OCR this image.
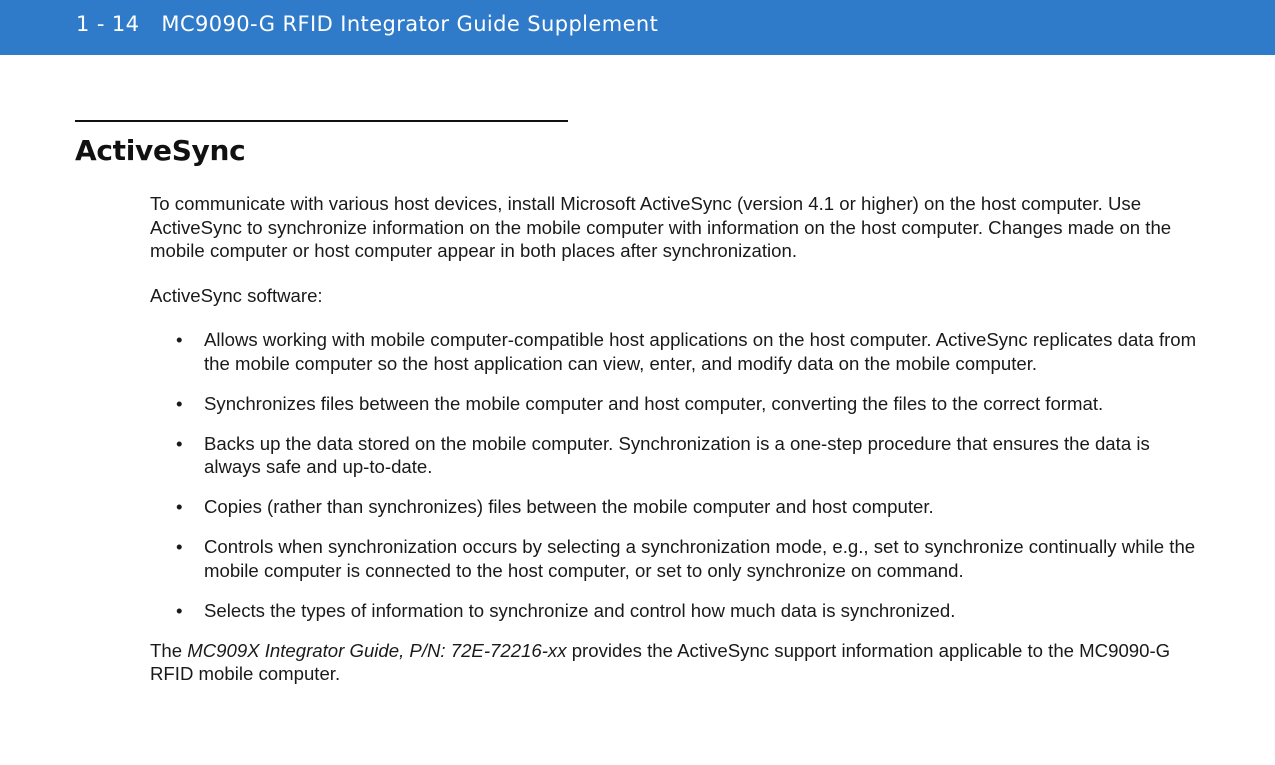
1 - 14 MC9090-G RFID Integrator Guide Supplement
ActiveSync

To communicate with various host devices, install Microsoft ActiveSync (version 4.1 or higher) on the host computer. Use ActiveSync to synchronize information on the mobile computer with information on the host computer. Changes made on the mobile computer or host computer appear in both places after synchronization.

ActiveSync software:

• Allows working with mobile computer-compatible host applications on the host computer. ActiveSync replicates data from the mobile computer so the host application can view, enter, and modify data on the mobile computer.
• Synchronizes files between the mobile computer and host computer, converting the files to the correct format.
• Backs up the data stored on the mobile computer. Synchronization is a one-step procedure that ensures the data is always safe and up-to-date.
• Copies (rather than synchronizes) files between the mobile computer and host computer.
• Controls when synchronization occurs by selecting a synchronization mode, e.g., set to synchronize continually while the mobile computer is connected to the host computer, or set to only synchronize on command.
• Selects the types of information to synchronize and control how much data is synchronized.

The MC909X Integrator Guide, P/N: 72E-72216-xx provides the ActiveSync support information applicable to the MC9090-G RFID mobile computer.
